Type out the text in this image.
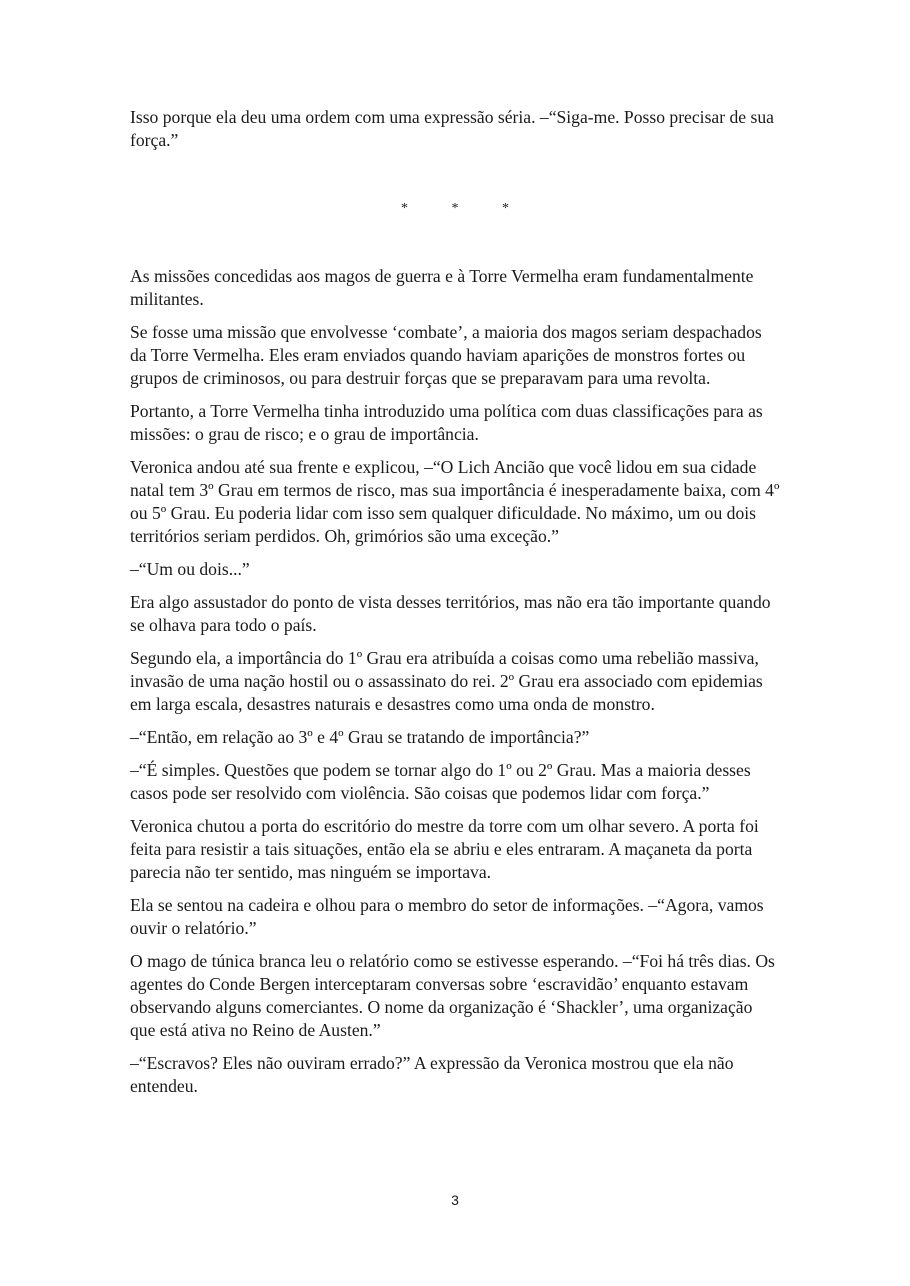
Isso porque ela deu uma ordem com uma expressão séria. –“Siga-me. Posso precisar de sua força.”

* * *

As missões concedidas aos magos de guerra e à Torre Vermelha eram fundamentalmente militantes.

Se fosse uma missão que envolvesse ‘combate’, a maioria dos magos seriam despachados da Torre Vermelha. Eles eram enviados quando haviam aparições de monstros fortes ou grupos de criminosos, ou para destruir forças que se preparavam para uma revolta.

Portanto, a Torre Vermelha tinha introduzido uma política com duas classificações para as missões: o grau de risco; e o grau de importância.

Veronica andou até sua frente e explicou, –“O Lich Ancião que você lidou em sua cidade natal tem 3º Grau em termos de risco, mas sua importância é inesperadamente baixa, com 4º ou 5º Grau. Eu poderia lidar com isso sem qualquer dificuldade. No máximo, um ou dois territórios seriam perdidos. Oh, grimórios são uma exceção.”

–“Um ou dois...”

Era algo assustador do ponto de vista desses territórios, mas não era tão importante quando se olhava para todo o país.

Segundo ela, a importância do 1º Grau era atribuída a coisas como uma rebelião massiva, invasão de uma nação hostil ou o assassinato do rei. 2º Grau era associado com epidemias em larga escala, desastres naturais e desastres como uma onda de monstro.

–“Então, em relação ao 3º e 4º Grau se tratando de importância?”

–“É simples. Questões que podem se tornar algo do 1º ou 2º Grau. Mas a maioria desses casos pode ser resolvido com violência. São coisas que podemos lidar com força.”

Veronica chutou a porta do escritório do mestre da torre com um olhar severo. A porta foi feita para resistir a tais situações, então ela se abriu e eles entraram. A maçaneta da porta parecia não ter sentido, mas ninguém se importava.

Ela se sentou na cadeira e olhou para o membro do setor de informações. –“Agora, vamos ouvir o relatório.”

O mago de túnica branca leu o relatório como se estivesse esperando. –“Foi há três dias. Os agentes do Conde Bergen interceptaram conversas sobre ‘escravidão’ enquanto estavam observando alguns comerciantes. O nome da organização é ‘Shackler’, uma organização que está ativa no Reino de Austen.”

–“Escravos? Eles não ouviram errado?” A expressão da Veronica mostrou que ela não entendeu.

3
